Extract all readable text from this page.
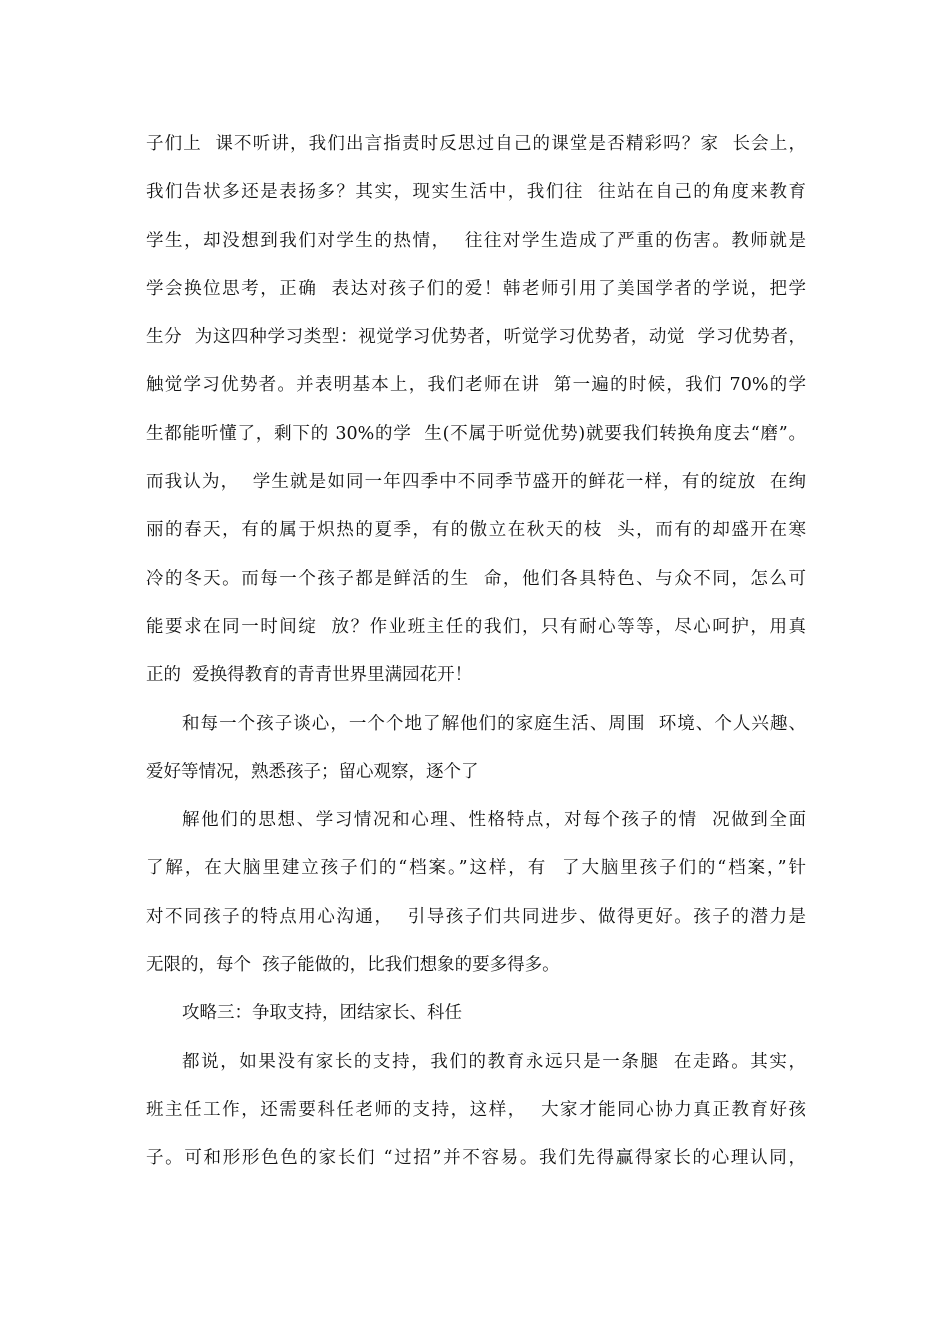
子们上  课不听讲，我们出言指责时反思过自己的课堂是否精彩吗？家  长会上，
我们告状多还是表扬多？其实，现实生活中，我们往  往站在自己的角度来教育
学生，却没想到我们对学生的热情，  往往对学生造成了严重的伤害。教师就是
学会换位思考，正确  表达对孩子们的爱！韩老师引用了美国学者的学说，把学
生分  为这四种学习类型：视觉学习优势者，听觉学习优势者，动觉  学习优势者，
触觉学习优势者。并表明基本上，我们老师在讲  第一遍的时候，我们 70%的学
生都能听懂了，剩下的 30%的学  生(不属于听觉优势)就要我们转换角度去“磨”。
而我认为，  学生就是如同一年四季中不同季节盛开的鲜花一样，有的绽放  在绚
丽的春天，有的属于炽热的夏季，有的傲立在秋天的枝  头，而有的却盛开在寒
冷的冬天。而每一个孩子都是鲜活的生  命，他们各具特色、与众不同，怎么可
能要求在同一时间绽  放？作业班主任的我们，只有耐心等等，尽心呵护，用真
正的  爱换得教育的青青世界里满园花开！
和每一个孩子谈心，一个个地了解他们的家庭生活、周围  环境、个人兴趣、
爱好等情况，熟悉孩子；留心观察，逐个了
解他们的思想、学习情况和心理、性格特点，对每个孩子的情  况做到全面
了解，在大脑里建立孩子们的“档案。”这样，有  了大脑里孩子们的“档案，”针
对不同孩子的特点用心沟通，  引导孩子们共同进步、做得更好。孩子的潜力是
无限的，每个  孩子能做的，比我们想象的要多得多。
攻略三：争取支持，团结家长、科任
都说，如果没有家长的支持，我们的教育永远只是一条腿  在走路。其实，
班主任工作，还需要科任老师的支持，这样，  大家才能同心协力真正教育好孩
子。可和形形色色的家长们 “过招”并不容易。我们先得赢得家长的心理认同，
